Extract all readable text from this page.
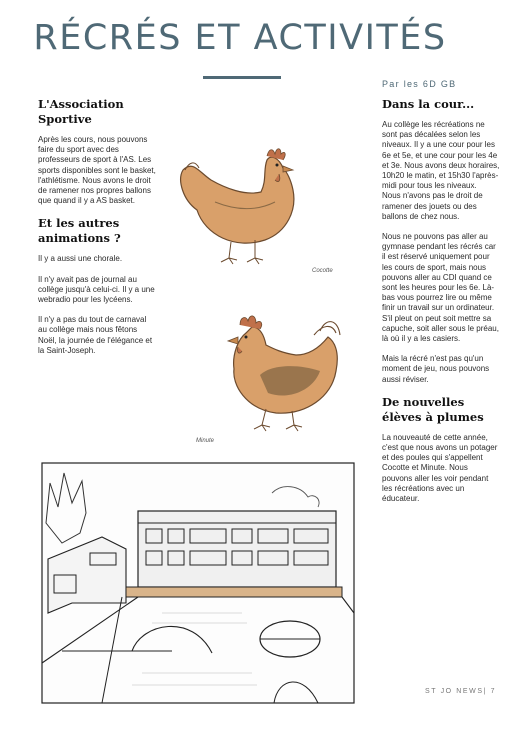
RÉCRÉS ET ACTIVITÉS
Par les 6D GB
L'Association Sportive

Après les cours, nous pouvons faire du sport avec des professeurs de sport à l'AS. Les sports disponibles sont le basket, l'athlétisme. Nous avons le droit de ramener nos propres ballons que quand il y a AS basket.

Et les autres animations ?

Il y a aussi une chorale.

Il n'y avait pas de journal au collège jusqu'à celui-ci. Il y a une webradio pour les lycéens.

Il n'y a pas du tout de carnaval au collège mais nous fêtons Noël, la journée de l'élégance et la Saint-Joseph.

Dans la cour...

Au collège les récréations ne sont pas décalées selon les niveaux. Il y a une cour pour les 6e et 5e, et une cour pour les 4e et 3e. Nous avons deux horaires, 10h20 le matin, et 15h30 l'après-midi pour tous les niveaux.

Nous n'avons pas le droit de ramener des jouets ou des ballons de chez nous.

Nous ne pouvons pas aller au gymnase pendant les récrés car il est réservé uniquement pour les cours de sport, mais nous pouvons aller au CDI quand ce sont les heures pour les 6e. Là-bas vous pourrez lire ou même finir un travail sur un ordinateur.

S'il pleut on peut soit mettre sa capuche, soit aller sous le préau, là où il y a les casiers.

Mais la récré n'est pas qu'un moment de jeu, nous pouvons aussi réviser.

De nouvelles élèves à plumes

La nouveauté de cette année, c'est que nous avons un potager et des poules qui s'appellent Cocotte et Minute. Nous pouvons aller les voir pendant les récréations avec un éducateur.

Cocotte
Minute
ST JO NEWS| 7
